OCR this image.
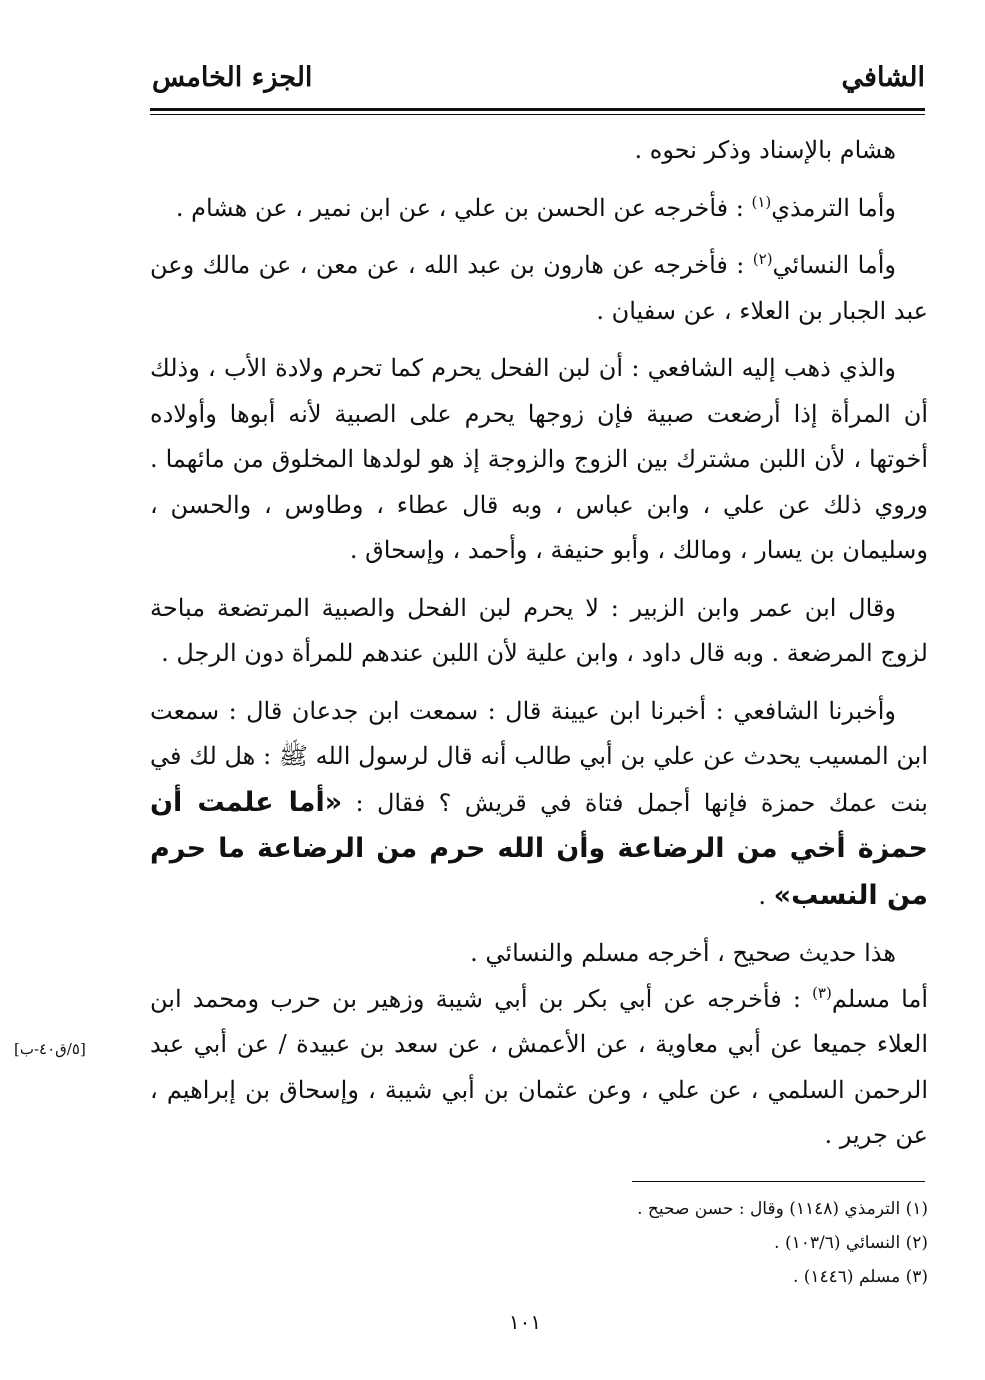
الشافي
الجزء الخامس

هشام بالإسناد وذكر نحوه .

وأما الترمذي$^{(١)}$ : فأخرجه عن الحسن بن علي ، عن ابن نمير ، عن هشام .

وأما النسائي$^{(٢)}$ : فأخرجه عن هارون بن عبد الله ، عن معن ، عن مالك وعن عبد الجبار بن العلاء ، عن سفيان .

والذي ذهب إليه الشافعي : أن لبن الفحل يحرم كما تحرم ولادة الأب ، وذلك أن المرأة إذا أرضعت صبية فإن زوجها يحرم على الصبية لأنه أبوها وأولاده أخوتها ، لأن اللبن مشترك بين الزوج والزوجة إذ هو لولدها المخلوق من مائهما . وروي ذلك عن علي ، وابن عباس ، وبه قال عطاء ، وطاوس ، والحسن ، وسليمان بن يسار ، ومالك ، وأبو حنيفة ، وأحمد ، وإسحاق .

وقال ابن عمر وابن الزبير : لا يحرم لبن الفحل والصبية المرتضعة مباحة لزوج المرضعة . وبه قال داود ، وابن علية لأن اللبن عندهم للمرأة دون الرجل .

وأخبرنا الشافعي : أخبرنا ابن عيينة قال : سمعت ابن جدعان قال : سمعت ابن المسيب يحدث عن علي بن أبي طالب أنه قال لرسول الله ﷺ : هل لك في بنت عمك حمزة فإنها أجمل فتاة في قريش ؟ فقال : «أما علمت أن حمزة أخي من الرضاعة وأن الله حرم من الرضاعة ما حرم من النسب» .

هذا حديث صحيح ، أخرجه مسلم والنسائي .

أما مسلم$^{(٣)}$ : فأخرجه عن أبي بكر بن أبي شيبة وزهير بن حرب ومحمد ابن العلاء جميعا عن أبي معاوية ، عن الأعمش ، عن سعد بن عبيدة / عن أبي عبد الرحمن السلمي ، عن علي ، وعن عثمان بن أبي شيبة ، وإسحاق بن إبراهيم ، عن جرير .

[٥/ق٤٠-ب]
(١) الترمذي (١١٤٨) وقال : حسن صحيح .
(٢) النسائي (١٠٣/٦) .
(٣) مسلم (١٤٤٦) .
١٠١
